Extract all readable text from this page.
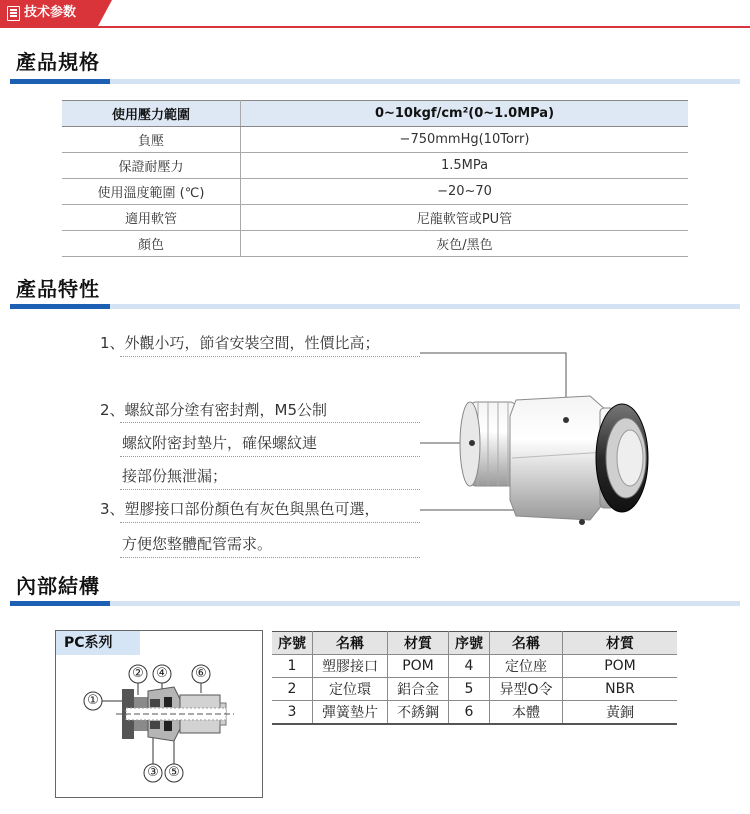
技术参数
產品規格
使用壓力範圍	0~10kgf/cm²(0~1.0MPa)
負壓	−750mmHg(10Torr)
保證耐壓力	1.5MPa
使用溫度範圍 (℃)	−20~70
適用軟管	尼龍軟管或PU管
顏色	灰色/黑色
產品特性
1、外觀小巧，節省安裝空間，性價比高；
2、螺紋部分塗有密封劑，M5公制
螺紋附密封墊片，確保螺紋連
接部份無泄漏；
3、塑膠接口部份顏色有灰色與黑色可選，
方便您整體配管需求。
內部結構
PC系列
①
② ④ ⑥
③ ⑤
序號	名稱	材質	序號	名稱	材質
1	塑膠接口	POM	4	定位座	POM
2	定位環	鋁合金	5	异型O令	NBR
3	彈簧墊片	不銹鋼	6	本體	黃銅
